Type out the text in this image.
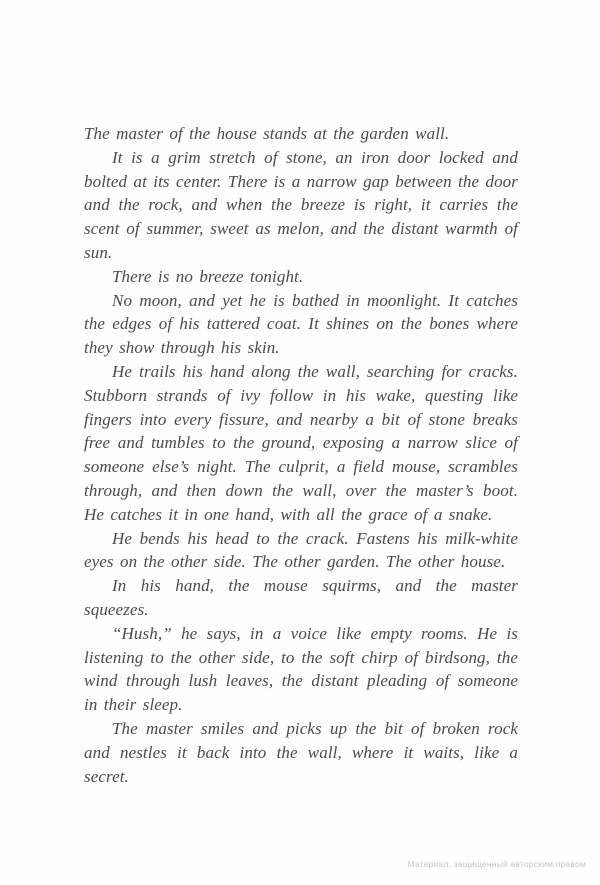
The master of the house stands at the garden wall.

It is a grim stretch of stone, an iron door locked and bolted at its center. There is a narrow gap between the door and the rock, and when the breeze is right, it carries the scent of summer, sweet as melon, and the distant warmth of sun.

There is no breeze tonight.

No moon, and yet he is bathed in moonlight. It catches the edges of his tattered coat. It shines on the bones where they show through his skin.

He trails his hand along the wall, searching for cracks. Stubborn strands of ivy follow in his wake, questing like fingers into every fissure, and nearby a bit of stone breaks free and tumbles to the ground, exposing a narrow slice of someone else’s night. The culprit, a field mouse, scrambles through, and then down the wall, over the master’s boot. He catches it in one hand, with all the grace of a snake.

He bends his head to the crack. Fastens his milk-white eyes on the other side. The other garden. The other house.

In his hand, the mouse squirms, and the master squeezes.

“Hush,” he says, in a voice like empty rooms. He is listening to the other side, to the soft chirp of birdsong, the wind through lush leaves, the distant pleading of someone in their sleep.

The master smiles and picks up the bit of broken rock and nestles it back into the wall, where it waits, like a secret.

Материал, защищенный авторским правом
